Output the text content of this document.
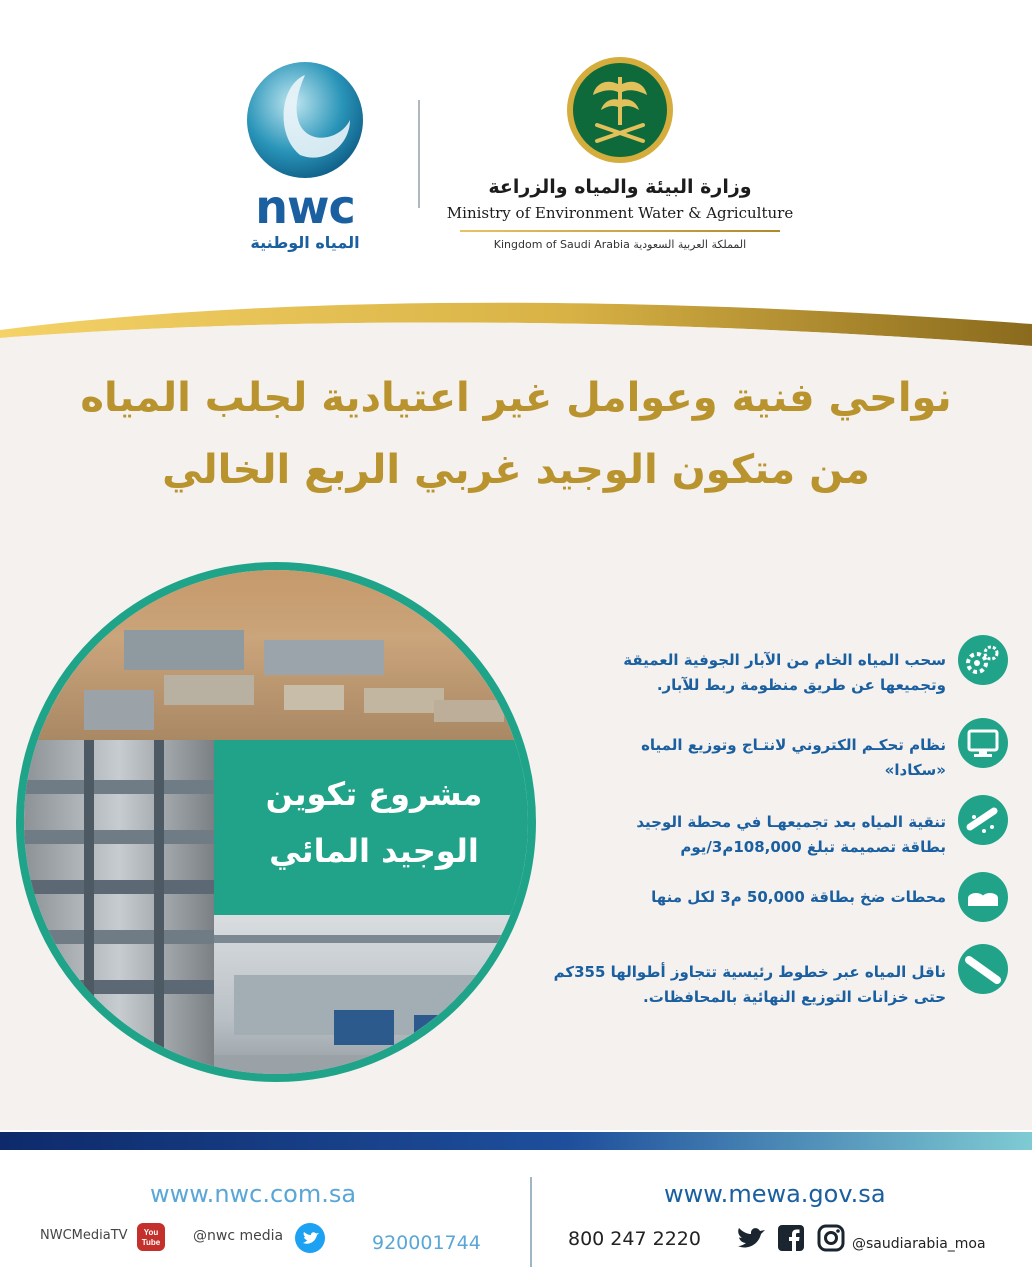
nwc
المياه الوطنية
وزارة البيئة والمياه والزراعة
Ministry of Environment Water & Agriculture
Kingdom of Saudi Arabia المملكة العربية السعودية
نواحي فنية وعوامل غير اعتيادية لجلب المياه
من متكون الوجيد غربي الربع الخالي
مشروع تكوين
الوجيد المائي
سحب المياه الخام من الآبار الجوفية العميقة
وتجميعها عن طريق منظومة ربط للآبار.
نظام تحكـم الكتروني لانتـاج وتوزيع المياه
«سكادا»
تنقية المياه بعد تجميعهـا في محطة الوجيد
بطاقة تصميمة تبلغ 108,000م3/يوم
محطات ضخ بطاقة 50,000 م3 لكل منها
ناقل المياه عبر خطوط رئيسية تتجاوز أطوالها 355كم
حتى خزانات التوزيع النهائية بالمحافظات.
www.nwc.com.sa	www.mewa.gov.sa
NWCMediaTV You
Tube @nwc media	920001744	800 247 2220	@saudiarabia_moa
